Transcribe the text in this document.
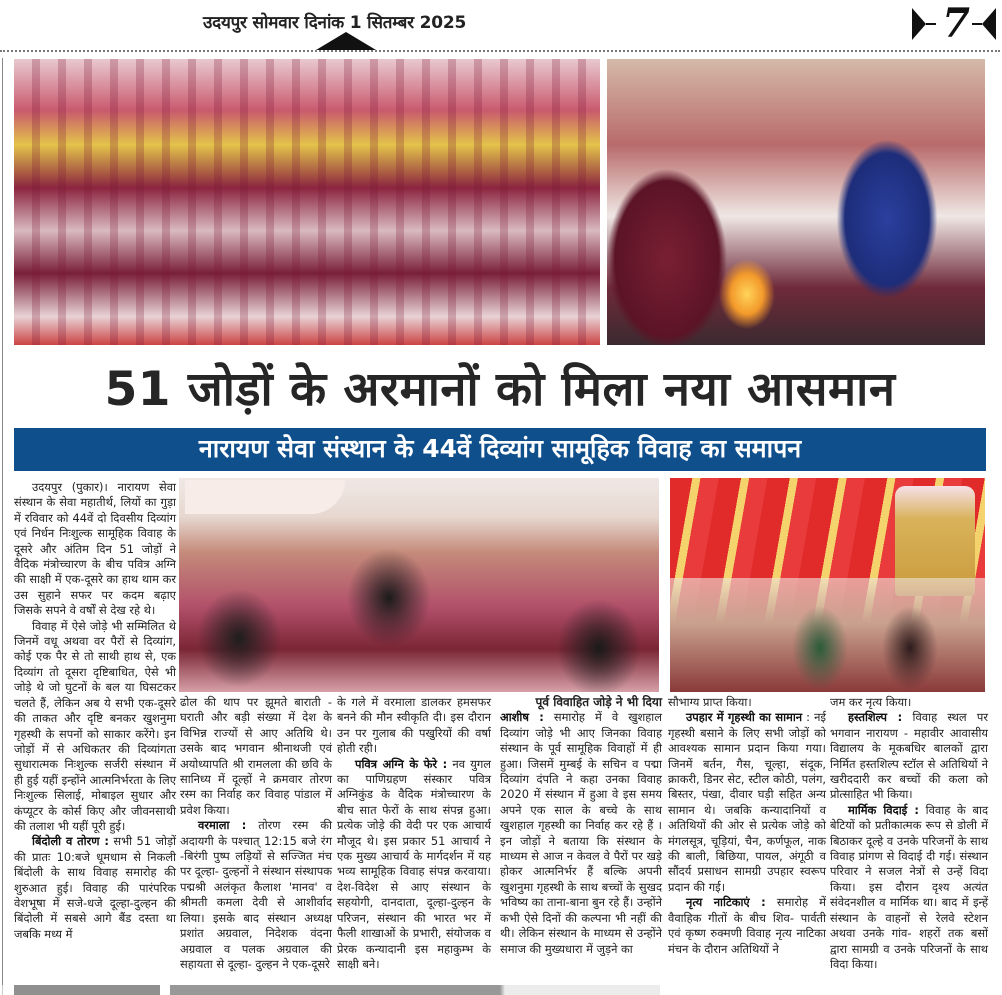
उदयपुर सोमवार दिनांक 1 सितम्बर 2025	7
51 जोड़ों के अरमानों को मिला नया आसमान
नारायण सेवा संस्थान के 44वें दिव्यांग सामूहिक विवाह का समापन

उदयपुर (पुकार)। नारायण सेवा संस्थान के सेवा महातीर्थ, लियों का गुड़ा में रविवार को 44वें दो दिवसीय दिव्यांग एवं निर्धन निःशुल्क सामूहिक विवाह के दूसरे और अंतिम दिन 51 जोड़ों ने वैदिक मंत्रोच्चारण के बीच पवित्र अग्नि की साक्षी में एक-दूसरे का हाथ थाम कर उस सुहाने सफर पर कदम बढ़ाए जिसके सपने वे वर्षों से देख रहे थे।

विवाह में ऐसे जोड़े भी सम्मिलित थे जिनमें वधू अथवा वर पैरों से दिव्यांग, कोई एक पैर से तो साथी हाथ से, एक दिव्यांग तो दूसरा दृष्टिबाधित, ऐसे भी जोड़े थे जो घुटनों के बल या घिसटकर चलते हैं, लेकिन अब ये सभी एक-दूसरे की ताकत और दृष्टि बनकर खुशनुमा गृहस्थी के सपनों को साकार करेंगे। इन जोड़ों में से अधिकतर की दिव्यांगता सुधारात्मक निःशुल्क सर्जरी संस्थान में ही हुई यहीं इन्होंने आत्मनिर्भरता के लिए निःशुल्क सिलाई, मोबाइल सुधार और कंप्यूटर के कोर्स किए और जीवनसाथी की तलाश भी यहीं पूरी हुई।

बिंदोली व तोरण : सभी 51 जोड़ों की प्रातः 10:बजे धूमधाम से निकली बिंदोली के साथ विवाह समारोह की शुरुआत हुई। विवाह की पारंपरिक वेशभूषा में सजे-धजे दूल्हा-दुल्हन की बिंदोली में सबसे आगे बैंड दस्ता था जबकि मध्य में

ढोल की थाप पर झूमते बाराती - घराती और बड़ी संख्या में देश के विभिन्न राज्यों से आए अतिथि थे। उसके बाद भगवान श्रीनाथजी एवं अयोध्यापति श्री रामलला की छवि के सानिध्य में दूल्हों ने क्रमवार तोरण रस्म का निर्वाह कर विवाह पांडाल में प्रवेश किया।

वरमाला : तोरण रस्म की अदायगी के पश्चात् 12:15 बजे रंग -बिरंगी पुष्प लड़ियों से सज्जित मंच पर दूल्हा- दुल्हनों ने संस्थान संस्थापक पद्मश्री अलंकृत कैलाश 'मानव' व श्रीमती कमला देवी से आशीर्वाद लिया। इसके बाद संस्थान अध्यक्ष प्रशांत अग्रवाल, निदेशक वंदना अग्रवाल व पलक अग्रवाल की सहायता से दूल्हा- दुल्हन ने एक-दूसरे

के गले में वरमाला डालकर हमसफर बनने की मौन स्वीकृति दी। इस दौरान उन पर गुलाब की पखुरियों की वर्षा होती रही।

पवित्र अग्नि के फेरे : नव युगल का पाणिग्रहण संस्कार पवित्र अग्निकुंड के वैदिक मंत्रोच्चारण के बीच सात फेरों के साथ संपन्न हुआ। प्रत्येक जोड़े की वेदी पर एक आचार्य मौजूद थे। इस प्रकार 51 आचार्य ने एक मुख्य आचार्य के मार्गदर्शन में यह भव्य सामूहिक विवाह संपन्न करवाया। देश-विदेश से आए संस्थान के सहयोगी, दानदाता, दूल्हा-दुल्हन के परिजन, संस्थान की भारत भर में फैली शाखाओं के प्रभारी, संयोजक व प्रेरक कन्यादानी इस महाकुम्भ के साक्षी बने।

पूर्व विवाहित जोड़े ने भी दिया

आशीष : समारोह में वे खुशहाल दिव्यांग जोड़े भी आए जिनका विवाह संस्थान के पूर्व सामूहिक विवाहों में ही हुआ। जिसमें मुम्बई के सचिन व पद्मा दिव्यांग दंपति ने कहा उनका विवाह 2020 में संस्थान में हुआ वे इस समय अपने एक साल के बच्चे के साथ खुशहाल गृहस्थी का निर्वाह कर रहे हैं । इन जोड़ों ने बताया कि संस्थान के माध्यम से आज न केवल वे पैरों पर खड़े होकर आत्मनिर्भर हैं बल्कि अपनी खुशनुमा गृहस्थी के साथ बच्चों के सुखद भविष्य का ताना-बाना बुन रहे हैं। उन्होंने कभी ऐसे दिनों की कल्पना भी नहीं की थी। लेकिन संस्थान के माध्यम से उन्होंने समाज की मुख्यधारा में जुड़ने का

सौभाग्य प्राप्त किया।

उपहार में गृहस्थी का सामान : नई गृहस्थी बसाने के लिए सभी जोड़ों को आवश्यक सामान प्रदान किया गया। जिनमें बर्तन, गैस, चूल्हा, संदूक, क्राकरी, डिनर सेट, स्टील कोठी, पलंग, बिस्तर, पंखा, दीवार घड़ी सहित अन्य सामान थे। जबकि कन्यादानियों व अतिथियों की ओर से प्रत्येक जोड़े को मंगलसूत्र, चूड़ियां, चैन, कर्णफूल, नाक की बाली, बिछिया, पायल, अंगूठी व सौंदर्य प्रसाधन सामग्री उपहार स्वरूप प्रदान की गई।

नृत्य नाटिकाएं : समारोह में वैवाहिक गीतों के बीच शिव- पार्वती एवं कृष्ण रुक्मणी विवाह नृत्य नाटिका मंचन के दौरान अतिथियों ने

जम कर नृत्य किया।

हस्तशिल्प : विवाह स्थल पर भगवान नारायण - महावीर आवासीय विद्यालय के मूकबधिर बालकों द्वारा निर्मित हस्तशिल्प स्टॉल से अतिथियों ने खरीददारी कर बच्चों की कला को प्रोत्साहित भी किया।

मार्मिक विदाई : विवाह के बाद बेटियों को प्रतीकात्मक रूप से डोली में बिठाकर दूल्हे व उनके परिजनों के साथ विवाह प्रांगण से विदाई दी गई। संस्थान परिवार ने सजल नेत्रों से उन्हें विदा किया। इस दौरान दृश्य अत्यंत संवेदनशील व मार्मिक था। बाद में इन्हें संस्थान के वाहनों से रेलवे स्टेशन अथवा उनके गांव- शहरों तक बसों द्वारा सामग्री व उनके परिजनों के साथ विदा किया।
